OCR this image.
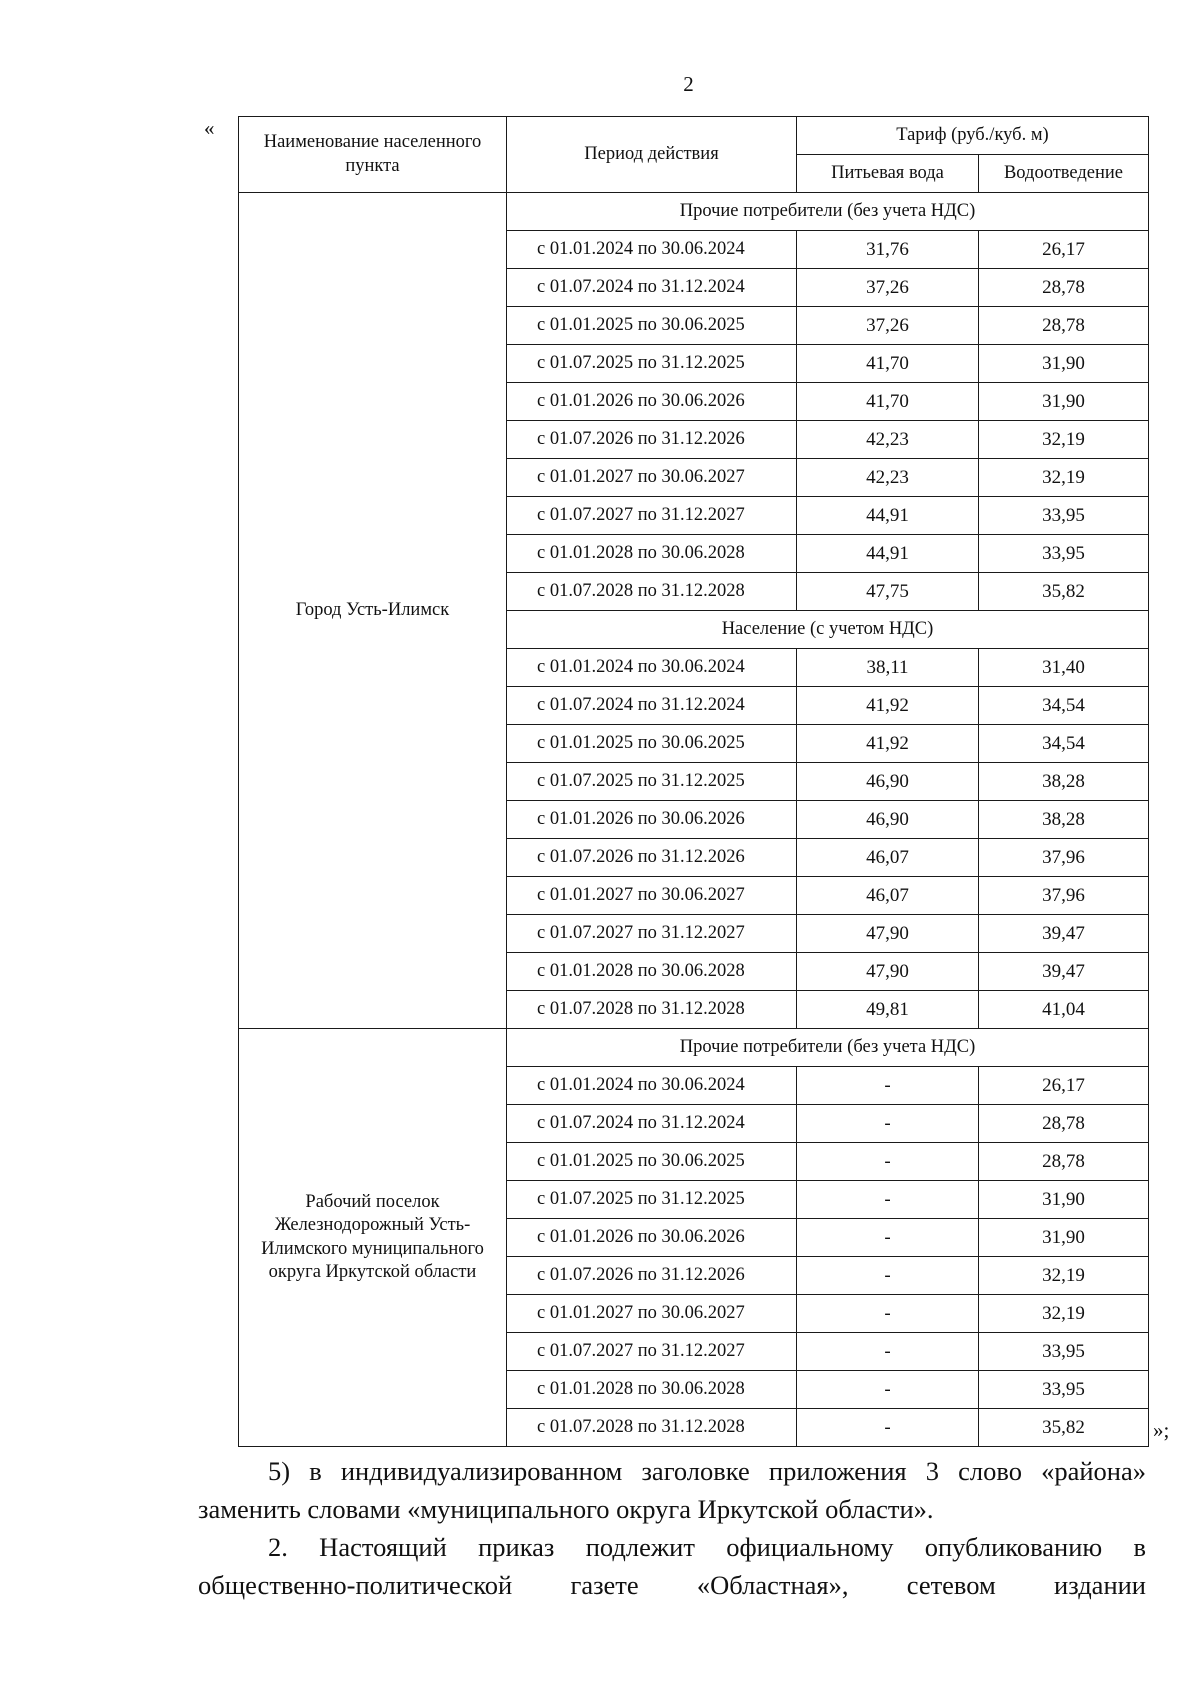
2
«
Наименование населенного пункта	Период действия	Тариф (руб./куб. м)	
		Питьевая вода	Водоотведение
Город Усть-Илимск	Прочие потребители (без учета НДС)		
	с 01.01.2024 по 30.06.2024	31,76	26,17
	с 01.07.2024 по 31.12.2024	37,26	28,78
	с 01.01.2025 по 30.06.2025	37,26	28,78
	с 01.07.2025 по 31.12.2025	41,70	31,90
	с 01.01.2026 по 30.06.2026	41,70	31,90
	с 01.07.2026 по 31.12.2026	42,23	32,19
	с 01.01.2027 по 30.06.2027	42,23	32,19
	с 01.07.2027 по 31.12.2027	44,91	33,95
	с 01.01.2028 по 30.06.2028	44,91	33,95
	с 01.07.2028 по 31.12.2028	47,75	35,82
	Население (с учетом НДС)		
	с 01.01.2024 по 30.06.2024	38,11	31,40
	с 01.07.2024 по 31.12.2024	41,92	34,54
	с 01.01.2025 по 30.06.2025	41,92	34,54
	с 01.07.2025 по 31.12.2025	46,90	38,28
	с 01.01.2026 по 30.06.2026	46,90	38,28
	с 01.07.2026 по 31.12.2026	46,07	37,96
	с 01.01.2027 по 30.06.2027	46,07	37,96
	с 01.07.2027 по 31.12.2027	47,90	39,47
	с 01.01.2028 по 30.06.2028	47,90	39,47
	с 01.07.2028 по 31.12.2028	49,81	41,04
Рабочий поселок Железнодорожный Усть-Илимского муниципального округа Иркутской области	Прочие потребители (без учета НДС)		
	с 01.01.2024 по 30.06.2024	-	26,17
	с 01.07.2024 по 31.12.2024	-	28,78
	с 01.01.2025 по 30.06.2025	-	28,78
	с 01.07.2025 по 31.12.2025	-	31,90
	с 01.01.2026 по 30.06.2026	-	31,90
	с 01.07.2026 по 31.12.2026	-	32,19
	с 01.01.2027 по 30.06.2027	-	32,19
	с 01.07.2027 по 31.12.2027	-	33,95
	с 01.01.2028 по 30.06.2028	-	33,95
	с 01.07.2028 по 31.12.2028	-	35,82	»;

5) в индивидуализированном заголовке приложения 3 слово «района» заменить словами «муниципального округа Иркутской области».

2. Настоящий приказ подлежит официальному опубликованию в общественно-политической газете «Областная», сетевом издании
